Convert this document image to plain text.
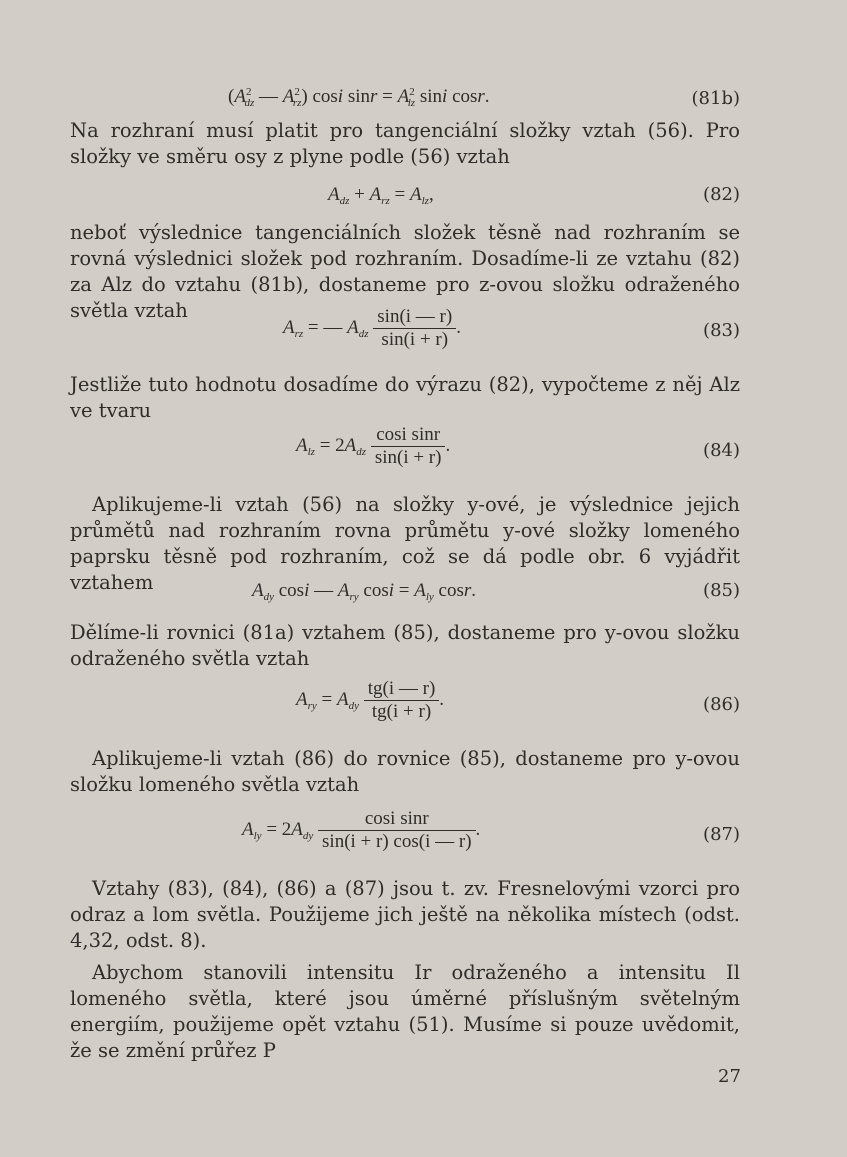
($A^2_{dz}$ — $A^2_{rz}$) cosi $\sin r = A^2_{lz}$ sini cosr.	(81b)
Na rozhraní musí platit pro tangenciální složky vztah (56). Pro složky ve směru osy z plyne podle (56) vztah
$A_{dz} + A_{rz} = A_{lz}$,	(82)
neboť výslednice tangenciálních složek těsně nad rozhraním se rovná výslednici složek pod rozhraním. Dosadíme-li ze vztahu (82) za Alz do vztahu (81b), dostaneme pro z-ovou složku odraženého světla vztah
$A_{rz}$ = — $A_{dz} \frac{\sin(i — r)}{\sin(i + r)}$ .	(83)
Jestliže tuto hodnotu dosadíme do výrazu (82), vypočteme z něj Alz ve tvaru
$A_{lz} = 2A_{dz} \frac{\text{cosi sinr}}{\sin(i + r)}$ .	(84)
Aplikujeme-li vztah (56) na složky y-ové, je výslednice jejich průmětů nad rozhraním rovna průmětu y-ové složky lomeného paprsku těsně pod rozhraním, což se dá podle obr. 6 vyjádřit vztahem	$A_{dy}$ cosi — $A_{ry}$ $\cos i = A_{ly}$ cosr.	(85)
Dělíme-li rovnici (81a) vztahem (85), dostaneme pro y-ovou složku odraženého světla vztah
$A_{ry} = A_{dy} \frac{tg(i — r)}{tg(i + r)}$ .	(86)
Aplikujeme-li vztah (86) do rovnice (85), dostaneme pro y-ovou složku lomeného světla vztah
$A_{ly} = 2A_{dy} \frac{\text{cosi sinr}}{\sin(i + r) \cos(i — r)}$ .	(87)
Vztahy (83), (84), (86) a (87) jsou t. zv. Fresnelovými vzorci pro odraz a lom světla. Použijeme jich ještě na několika místech (odst. 4,32, odst. 8).
Abychom stanovili intensitu Ir odraženého a intensitu Il lomeného světla, které jsou úměrné příslušným světelným energiím, použijeme opět vztahu (51). Musíme si pouze uvědomit, že se změní průřez P
27
